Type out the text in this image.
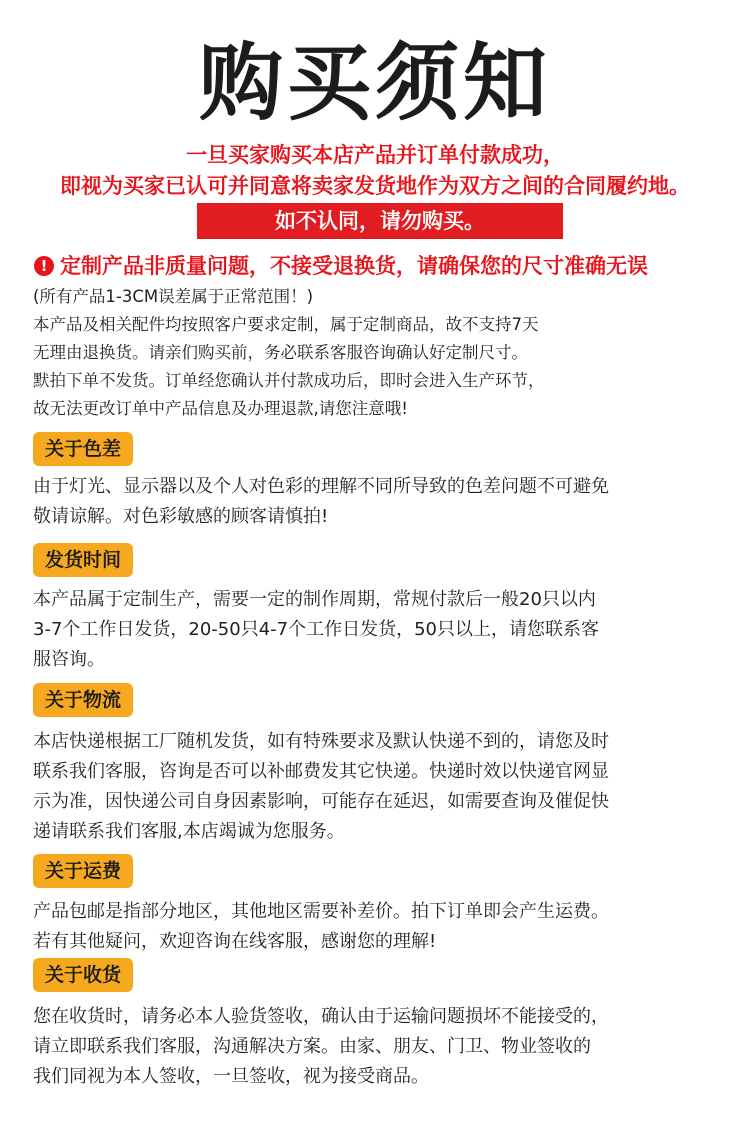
购买须知
一旦买家购买本店产品并订单付款成功，
即视为买家已认可并同意将卖家发货地作为双方之间的合同履约地。
如不认同，请勿购买。
! 定制产品非质量问题，不接受退换货，请确保您的尺寸准确无误
(所有产品1-3CM误差属于正常范围！)
本产品及相关配件均按照客户要求定制，属于定制商品，故不支持7天
无理由退换货。请亲们购买前，务必联系客服咨询确认好定制尺寸。
默拍下单不发货。订单经您确认并付款成功后，即时会进入生产环节，
故无法更改订单中产品信息及办理退款,请您注意哦!
关于色差
由于灯光、显示器以及个人对色彩的理解不同所导致的色差问题不可避免
敬请谅解。对色彩敏感的顾客请慎拍!
发货时间
本产品属于定制生产，需要一定的制作周期，常规付款后一般20只以内
3-7个工作日发货，20-50只4-7个工作日发货，50只以上，请您联系客
服咨询。
关于物流
本店快递根据工厂随机发货，如有特殊要求及默认快递不到的，请您及时
联系我们客服，咨询是否可以补邮费发其它快递。快递时效以快递官网显
示为准，因快递公司自身因素影响，可能存在延迟，如需要查询及催促快
递请联系我们客服,本店竭诚为您服务。
关于运费
产品包邮是指部分地区，其他地区需要补差价。拍下订单即会产生运费。
若有其他疑问，欢迎咨询在线客服，感谢您的理解!
关于收货
您在收货时，请务必本人验货签收，确认由于运输问题损坏不能接受的，
请立即联系我们客服，沟通解决方案。由家、朋友、门卫、物业签收的
我们同视为本人签收，一旦签收，视为接受商品。
